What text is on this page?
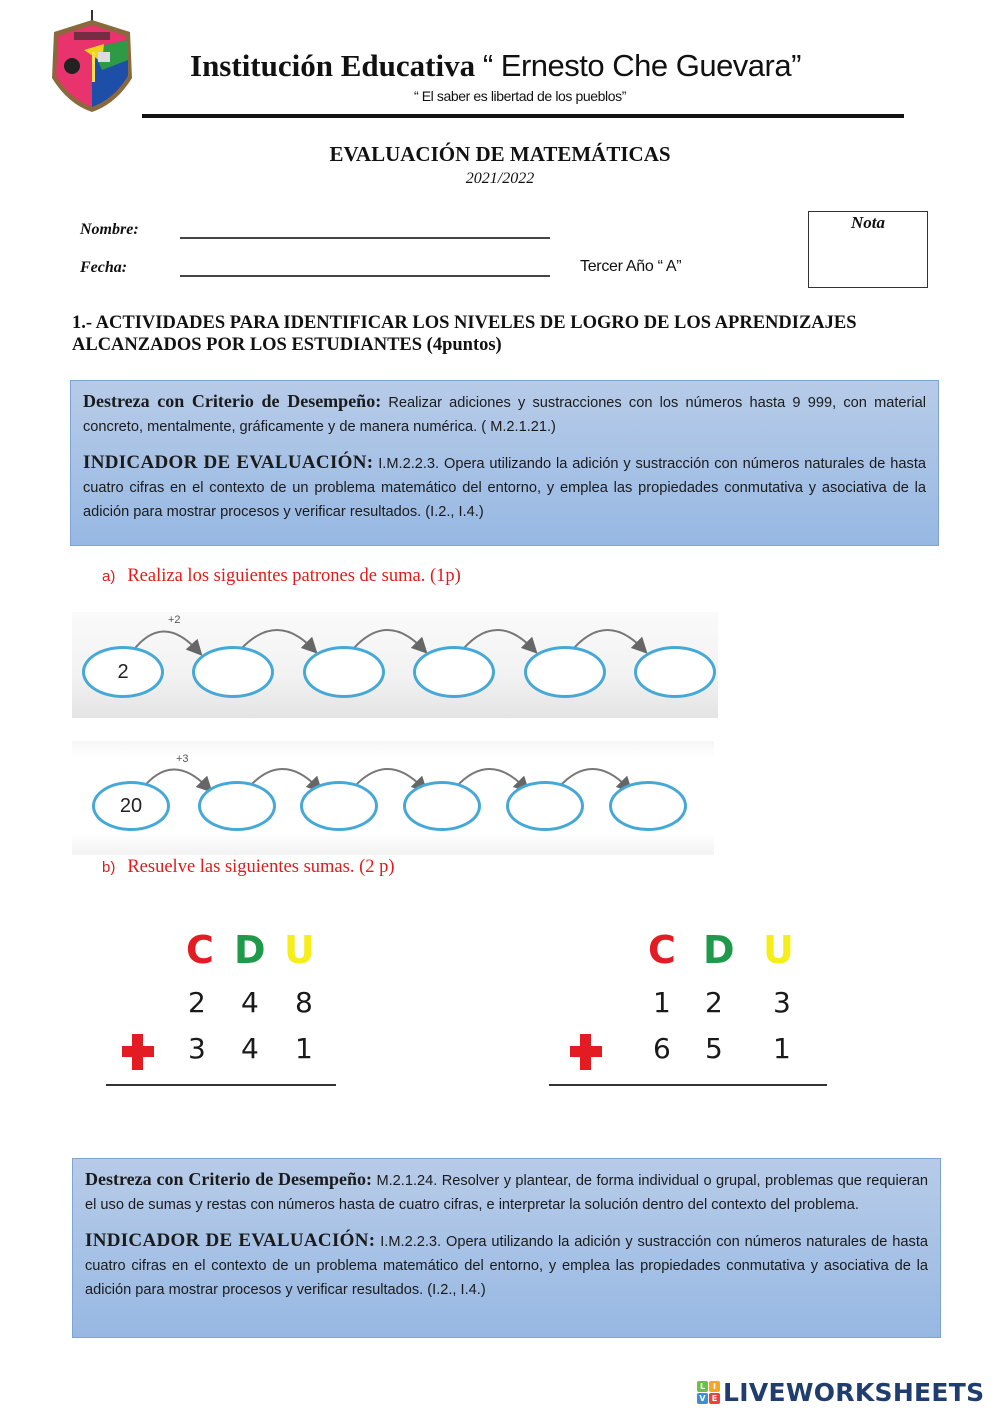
Institución Educativa “ Ernesto Che Guevara”
“ El saber es libertad de los pueblos”
EVALUACIÓN DE MATEMÁTICAS
2021/2022
Nombre:
Fecha:	Tercer Año “ A”
Nota
1.- ACTIVIDADES PARA IDENTIFICAR LOS NIVELES DE LOGRO DE LOS APRENDIZAJES ALCANZADOS POR LOS ESTUDIANTES (4puntos)

Destreza con Criterio de Desempeño: Realizar adiciones y sustracciones con los números hasta 9 999, con material concreto, mentalmente, gráficamente y de manera numérica. ( M.2.1.21.)

INDICADOR DE EVALUACIÓN: I.M.2.2.3. Opera utilizando la adición y sustracción con números naturales de hasta cuatro cifras en el contexto de un problema matemático del entorno, y emplea las propiedades conmutativa y asociativa de la adición para mostrar procesos y verificar resultados. (I.2., I.4.)

a) Realiza los siguientes patrones de suma. (1p)
+2
2
+3
20
b) Resuelve las siguientes sumas. (2 p)
C D U
2 4 8
3 4 1
C D U
1 2 3
6 5 1

Destreza con Criterio de Desempeño: M.2.1.24. Resolver y plantear, de forma individual o grupal, problemas que requieran el uso de sumas y restas con números hasta de cuatro cifras, e interpretar la solución dentro del contexto del problema.

INDICADOR DE EVALUACIÓN: I.M.2.2.3. Opera utilizando la adición y sustracción con números naturales de hasta cuatro cifras en el contexto de un problema matemático del entorno, y emplea las propiedades conmutativa y asociativa de la adición para mostrar procesos y verificar resultados. (I.2., I.4.)

L I
V E LIVEWORKSHEETS
